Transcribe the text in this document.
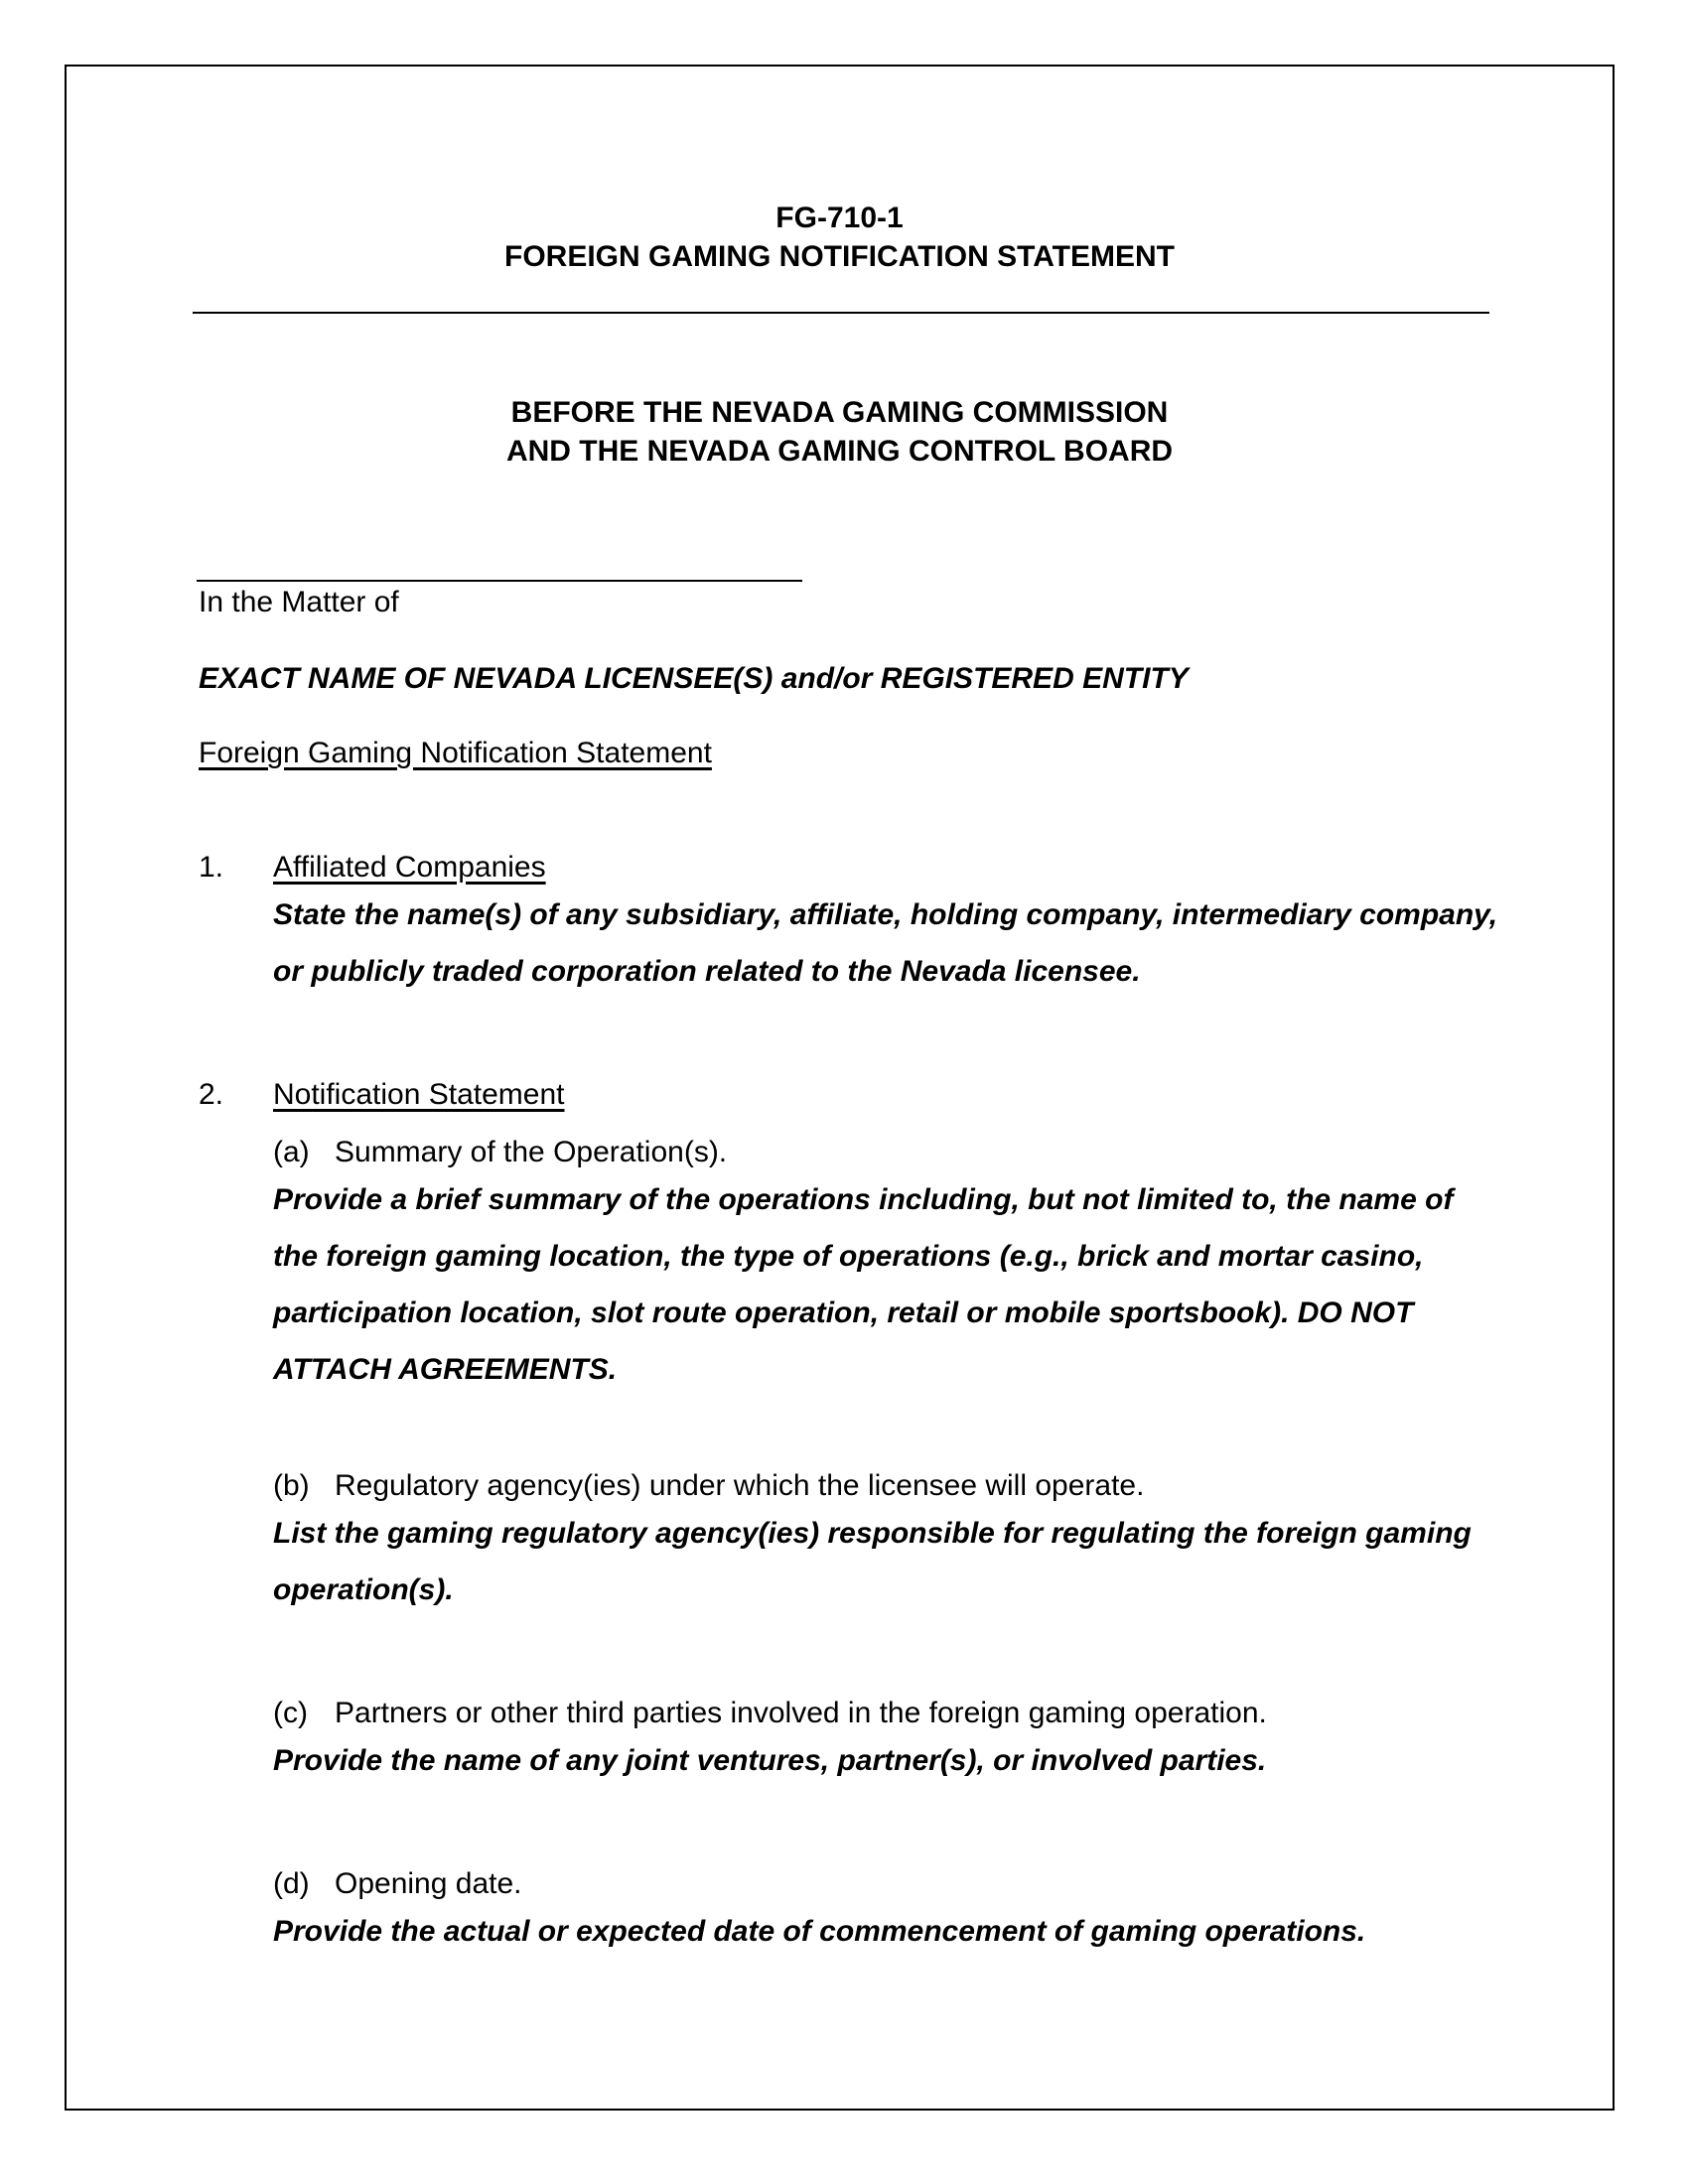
FG-710-1
FOREIGN GAMING NOTIFICATION STATEMENT
BEFORE THE NEVADA GAMING COMMISSION
AND THE NEVADA GAMING CONTROL BOARD
In the Matter of
EXACT NAME OF NEVADA LICENSEE(S) and/or REGISTERED ENTITY
Foreign Gaming Notification Statement
1. Affiliated Companies
State the name(s) of any subsidiary, affiliate, holding company, intermediary company, or publicly traded corporation related to the Nevada licensee.
2. Notification Statement
(a) Summary of the Operation(s).
Provide a brief summary of the operations including, but not limited to, the name of the foreign gaming location, the type of operations (e.g., brick and mortar casino, participation location, slot route operation, retail or mobile sportsbook). DO NOT ATTACH AGREEMENTS.
(b) Regulatory agency(ies) under which the licensee will operate.
List the gaming regulatory agency(ies) responsible for regulating the foreign gaming operation(s).
(c) Partners or other third parties involved in the foreign gaming operation.
Provide the name of any joint ventures, partner(s), or involved parties.
(d) Opening date.
Provide the actual or expected date of commencement of gaming operations.
